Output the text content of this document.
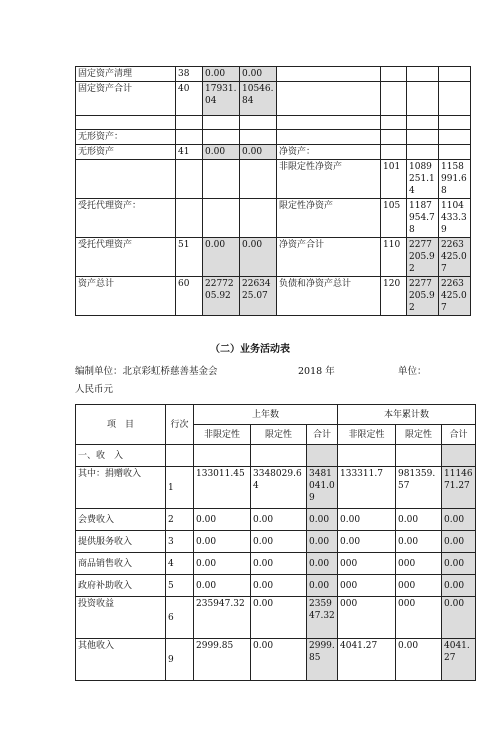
固定资产清理	38	0.00	0.00				
固定资产合计	40	17931.04	10546.84				

无形资产：							
无形资产	41	0.00	0.00	净资产：			
				非限定性净资产	101	1089251.14	1158991.68
受托代理资产：				限定性净资产	105	1187954.78	1104433.39
受托代理资产	51	0.00	0.00	净资产合计	110	2277205.92	2263425.07
资产总计	60	2277205.92	2263425.07	负债和净资产总计	120	2277205.92	2263425.07
（二）业务活动表
编制单位：北京彩虹桥慈善基金会	2018 年	单位：
人民币元
项　目	行次	上年数			本年累计数		
		非限定性	限定性	合计	非限定性	限定性	合计
一、收　入							
其中：捐赠收入	1	133011.45	3348029.64	3481041.09	133311.7	981359.57	1114671.27
会费收入	2	0.00	0.00	0.00	0.00	0.00	0.00
提供服务收入	3	0.00	0.00	0.00	0.00	0.00	0.00
商品销售收入	4	0.00	0.00	0.00	000	000	0.00
政府补助收入	5	0.00	0.00	0.00	000	000	0.00
投资收益	6	235947.32	0.00	235947.32	000	000	0.00
其他收入	9	2999.85	0.00	2999.85	4041.27	0.00	4041.27
